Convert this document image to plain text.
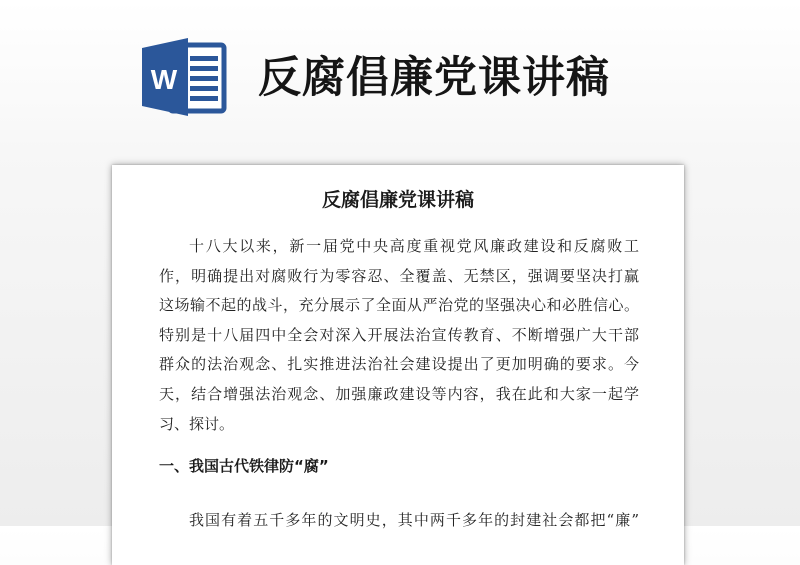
W 反腐倡廉党课讲稿
反腐倡廉党课讲稿
十八大以来，新一届党中央高度重视党风廉政建设和反腐败工
作，明确提出对腐败行为零容忍、全覆盖、无禁区，强调要坚决打赢
这场输不起的战斗，充分展示了全面从严治党的坚强决心和必胜信心。
特别是十八届四中全会对深入开展法治宣传教育、不断增强广大干部
群众的法治观念、扎实推进法治社会建设提出了更加明确的要求。今
天，结合增强法治观念、加强廉政建设等内容，我在此和大家一起学
习、探讨。
一、我国古代铁律防“腐”
我国有着五千多年的文明史，其中两千多年的封建社会都把“廉”
